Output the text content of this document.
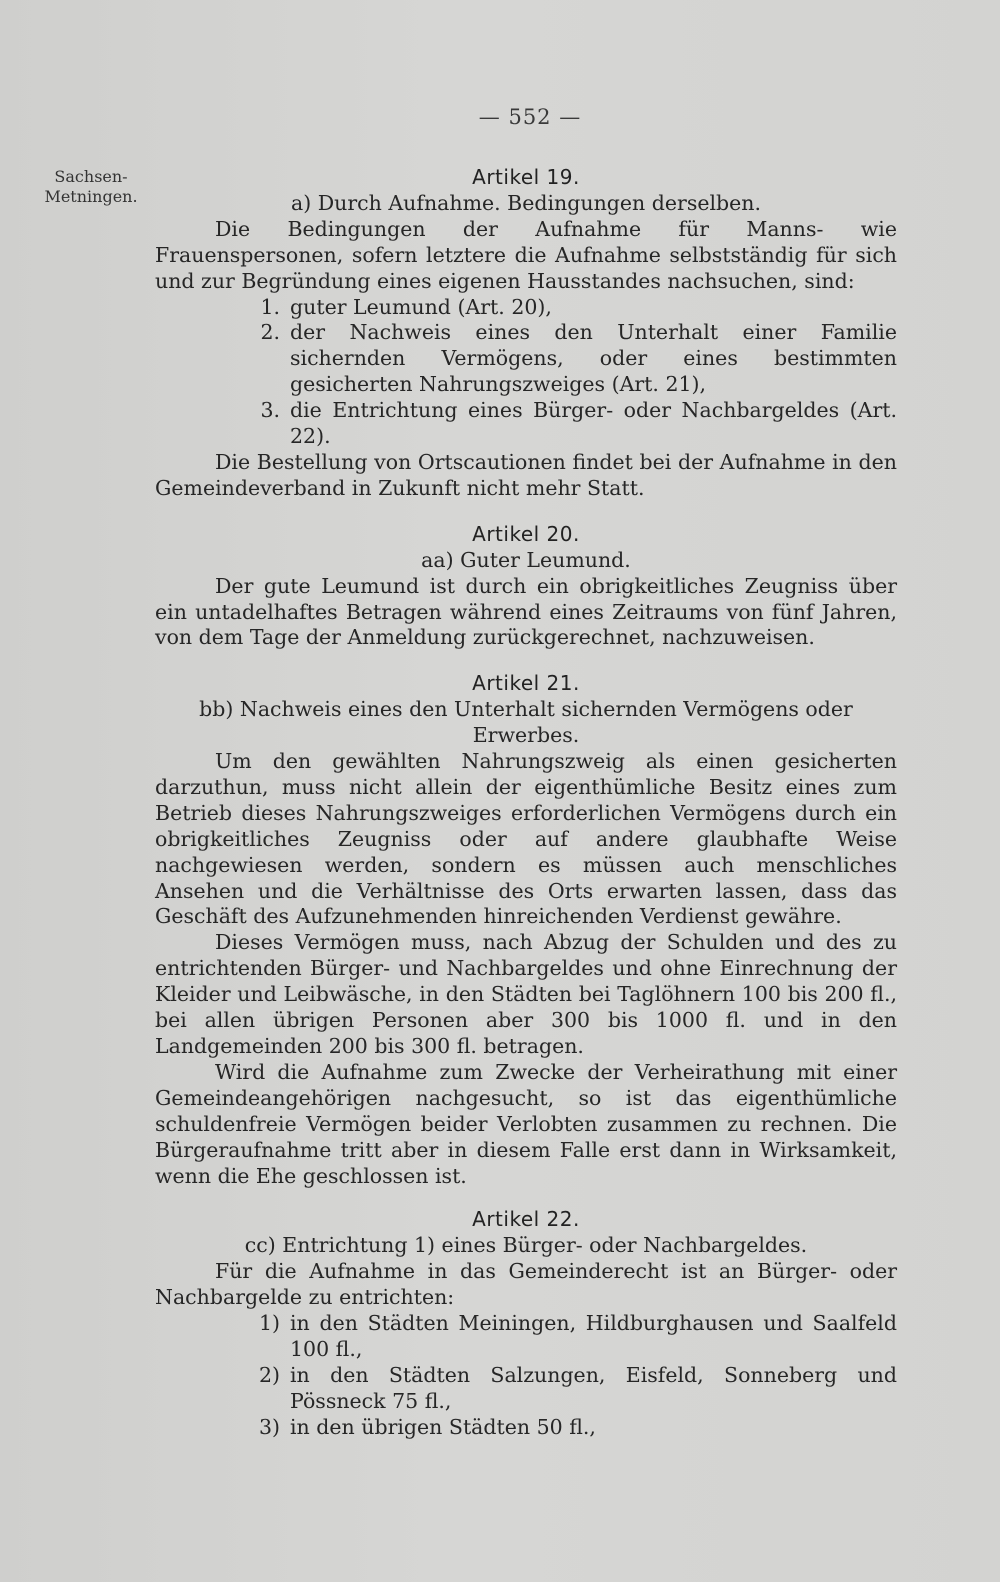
— 552 —
Sachsen-
Metningen.

Artikel 19.

a) Durch Aufnahme. Bedingungen derselben.

Die Bedingungen der Aufnahme für Manns- wie Frauenspersonen, sofern letztere die Aufnahme selbstständig für sich und zur Begründung eines eigenen Hausstandes nachsuchen, sind:

1. guter Leumund (Art. 20),
2. der Nachweis eines den Unterhalt einer Familie sichernden Vermögens, oder eines bestimmten gesicherten Nahrungszweiges (Art. 21),
3. die Entrichtung eines Bürger- oder Nachbargeldes (Art. 22).

Die Bestellung von Ortscautionen findet bei der Aufnahme in den Gemeindeverband in Zukunft nicht mehr Statt.

Artikel 20.

aa) Guter Leumund.

Der gute Leumund ist durch ein obrigkeitliches Zeugniss über ein untadelhaftes Betragen während eines Zeitraums von fünf Jahren, von dem Tage der Anmeldung zurückgerechnet, nachzuweisen.

Artikel 21.

bb) Nachweis eines den Unterhalt sichernden Vermögens oder Erwerbes.

Um den gewählten Nahrungszweig als einen gesicherten darzuthun, muss nicht allein der eigenthümliche Besitz eines zum Betrieb dieses Nahrungszweiges erforderlichen Vermögens durch ein obrigkeitliches Zeugniss oder auf andere glaubhafte Weise nachgewiesen werden, sondern es müssen auch menschliches Ansehen und die Verhältnisse des Orts erwarten lassen, dass das Geschäft des Aufzunehmenden hinreichenden Verdienst gewähre.

Dieses Vermögen muss, nach Abzug der Schulden und des zu entrichtenden Bürger- und Nachbargeldes und ohne Einrechnung der Kleider und Leibwäsche, in den Städten bei Taglöhnern 100 bis 200 fl., bei allen übrigen Personen aber 300 bis 1000 fl. und in den Landgemeinden 200 bis 300 fl. betragen.

Wird die Aufnahme zum Zwecke der Verheirathung mit einer Gemeindeangehörigen nachgesucht, so ist das eigenthümliche schuldenfreie Vermögen beider Verlobten zusammen zu rechnen. Die Bürgeraufnahme tritt aber in diesem Falle erst dann in Wirksamkeit, wenn die Ehe geschlossen ist.

Artikel 22.

cc) Entrichtung 1) eines Bürger- oder Nachbargeldes.

Für die Aufnahme in das Gemeinderecht ist an Bürger- oder Nachbargelde zu entrichten:

1) in den Städten Meiningen, Hildburghausen und Saalfeld 100 fl.,
2) in den Städten Salzungen, Eisfeld, Sonneberg und Pössneck 75 fl.,
3) in den übrigen Städten 50 fl.,
